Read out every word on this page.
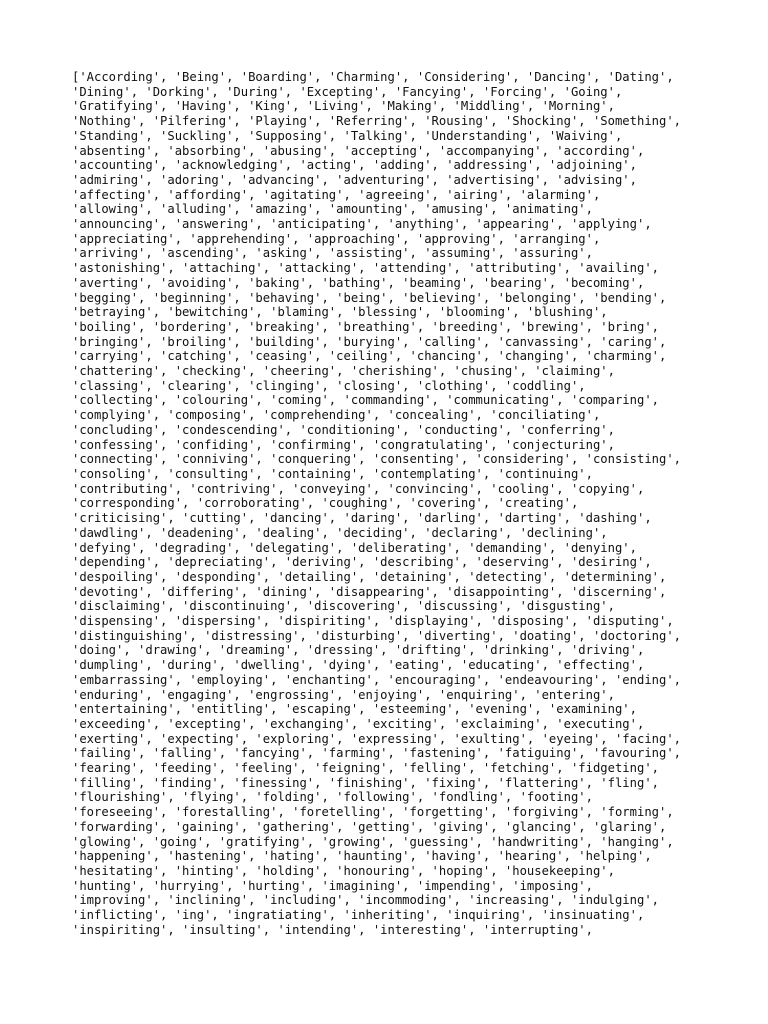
['According', 'Being', 'Boarding', 'Charming', 'Considering', 'Dancing', 'Dating',
'Dining', 'Dorking', 'During', 'Excepting', 'Fancying', 'Forcing', 'Going',
'Gratifying', 'Having', 'King', 'Living', 'Making', 'Middling', 'Morning',
'Nothing', 'Pilfering', 'Playing', 'Referring', 'Rousing', 'Shocking', 'Something',
'Standing', 'Suckling', 'Supposing', 'Talking', 'Understanding', 'Waiving',
'absenting', 'absorbing', 'abusing', 'accepting', 'accompanying', 'according',
'accounting', 'acknowledging', 'acting', 'adding', 'addressing', 'adjoining',
'admiring', 'adoring', 'advancing', 'adventuring', 'advertising', 'advising',
'affecting', 'affording', 'agitating', 'agreeing', 'airing', 'alarming',
'allowing', 'alluding', 'amazing', 'amounting', 'amusing', 'animating',
'announcing', 'answering', 'anticipating', 'anything', 'appearing', 'applying',
'appreciating', 'apprehending', 'approaching', 'approving', 'arranging',
'arriving', 'ascending', 'asking', 'assisting', 'assuming', 'assuring',
'astonishing', 'attaching', 'attacking', 'attending', 'attributing', 'availing',
'averting', 'avoiding', 'baking', 'bathing', 'beaming', 'bearing', 'becoming',
'begging', 'beginning', 'behaving', 'being', 'believing', 'belonging', 'bending',
'betraying', 'bewitching', 'blaming', 'blessing', 'blooming', 'blushing',
'boiling', 'bordering', 'breaking', 'breathing', 'breeding', 'brewing', 'bring',
'bringing', 'broiling', 'building', 'burying', 'calling', 'canvassing', 'caring',
'carrying', 'catching', 'ceasing', 'ceiling', 'chancing', 'changing', 'charming',
'chattering', 'checking', 'cheering', 'cherishing', 'chusing', 'claiming',
'classing', 'clearing', 'clinging', 'closing', 'clothing', 'coddling',
'collecting', 'colouring', 'coming', 'commanding', 'communicating', 'comparing',
'complying', 'composing', 'comprehending', 'concealing', 'conciliating',
'concluding', 'condescending', 'conditioning', 'conducting', 'conferring',
'confessing', 'confiding', 'confirming', 'congratulating', 'conjecturing',
'connecting', 'conniving', 'conquering', 'consenting', 'considering', 'consisting',
'consoling', 'consulting', 'containing', 'contemplating', 'continuing',
'contributing', 'contriving', 'conveying', 'convincing', 'cooling', 'copying',
'corresponding', 'corroborating', 'coughing', 'covering', 'creating',
'criticising', 'cutting', 'dancing', 'daring', 'darling', 'darting', 'dashing',
'dawdling', 'deadening', 'dealing', 'deciding', 'declaring', 'declining',
'defying', 'degrading', 'delegating', 'deliberating', 'demanding', 'denying',
'depending', 'depreciating', 'deriving', 'describing', 'deserving', 'desiring',
'despoiling', 'desponding', 'detailing', 'detaining', 'detecting', 'determining',
'devoting', 'differing', 'dining', 'disappearing', 'disappointing', 'discerning',
'disclaiming', 'discontinuing', 'discovering', 'discussing', 'disgusting',
'dispensing', 'dispersing', 'dispiriting', 'displaying', 'disposing', 'disputing',
'distinguishing', 'distressing', 'disturbing', 'diverting', 'doating', 'doctoring',
'doing', 'drawing', 'dreaming', 'dressing', 'drifting', 'drinking', 'driving',
'dumpling', 'during', 'dwelling', 'dying', 'eating', 'educating', 'effecting',
'embarrassing', 'employing', 'enchanting', 'encouraging', 'endeavouring', 'ending',
'enduring', 'engaging', 'engrossing', 'enjoying', 'enquiring', 'entering',
'entertaining', 'entitling', 'escaping', 'esteeming', 'evening', 'examining',
'exceeding', 'excepting', 'exchanging', 'exciting', 'exclaiming', 'executing',
'exerting', 'expecting', 'exploring', 'expressing', 'exulting', 'eyeing', 'facing',
'failing', 'falling', 'fancying', 'farming', 'fastening', 'fatiguing', 'favouring',
'fearing', 'feeding', 'feeling', 'feigning', 'felling', 'fetching', 'fidgeting',
'filling', 'finding', 'finessing', 'finishing', 'fixing', 'flattering', 'fling',
'flourishing', 'flying', 'folding', 'following', 'fondling', 'footing',
'foreseeing', 'forestalling', 'foretelling', 'forgetting', 'forgiving', 'forming',
'forwarding', 'gaining', 'gathering', 'getting', 'giving', 'glancing', 'glaring',
'glowing', 'going', 'gratifying', 'growing', 'guessing', 'handwriting', 'hanging',
'happening', 'hastening', 'hating', 'haunting', 'having', 'hearing', 'helping',
'hesitating', 'hinting', 'holding', 'honouring', 'hoping', 'housekeeping',
'hunting', 'hurrying', 'hurting', 'imagining', 'impending', 'imposing',
'improving', 'inclining', 'including', 'incommoding', 'increasing', 'indulging',
'inflicting', 'ing', 'ingratiating', 'inheriting', 'inquiring', 'insinuating',
'inspiriting', 'insulting', 'intending', 'interesting', 'interrupting',
